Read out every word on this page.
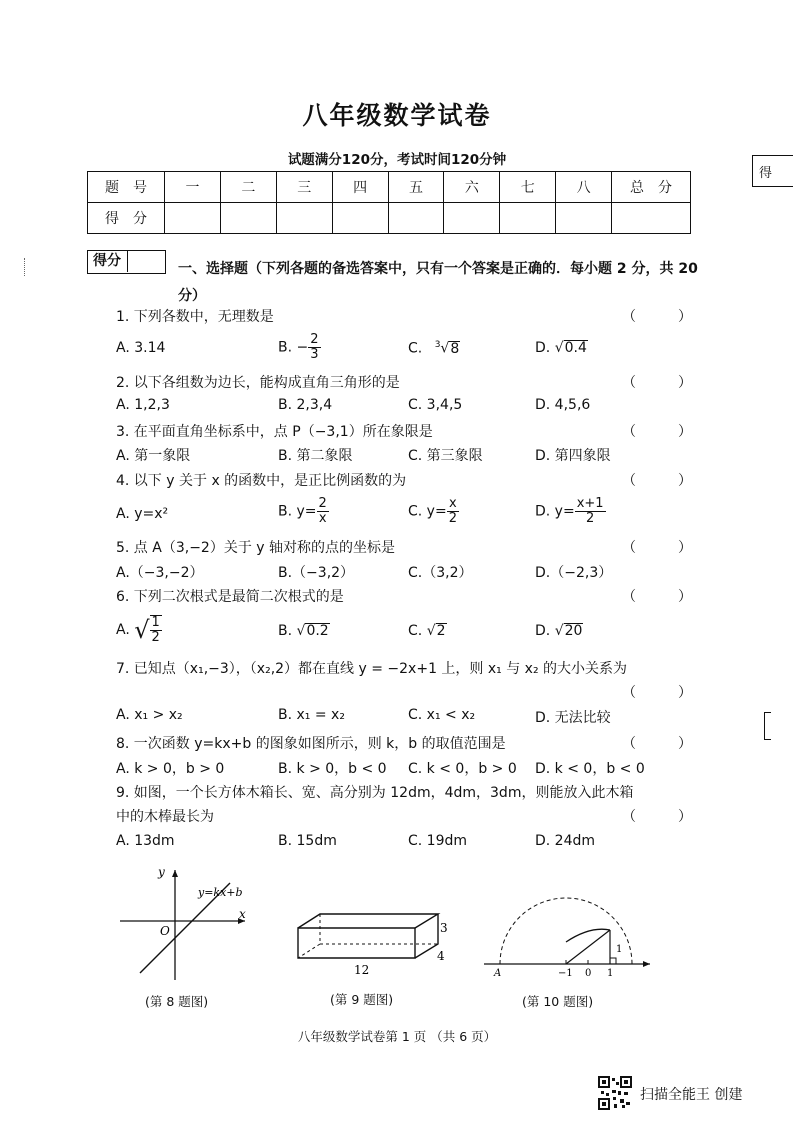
得
八年级数学试卷
试题满分120分，考试时间120分钟
题　号	一	二	三	四	五	六	七	八	总　分
得　分									
得分	一、选择题（下列各题的备选答案中，只有一个答案是正确的．每小题 2 分，共 20 分）
1. 下列各数中，无理数是	（　　　）
A. 3.14	B. − $\frac{2}{3}$	C. $^3$√8	D. √0.4
2. 以下各组数为边长，能构成直角三角形的是	（　　　）
A. 1,2,3	B. 2,3,4	C. 3,4,5	D. 4,5,6
3. 在平面直角坐标系中，点 P（−3,1）所在象限是	（　　　）
A. 第一象限	B. 第二象限	C. 第三象限	D. 第四象限
4. 以下 y 关于 x 的函数中，是正比例函数的为	（　　　）
A. y=x²	B. $y= \frac{2}{x}$	C. $y= \frac{x}{2}$	D. $y= \frac{x+1}{2}$
5. 点 A（3,−2）关于 y 轴对称的点的坐标是	（　　　）
A.（−3,−2）	B.（−3,2）	C.（3,2）	D.（−2,3）
6. 下列二次根式是最简二次根式的是	（　　　）
A. √ $\frac{1}{2}$	B. √0.2	C. √2	D. √20
7. 已知点（x₁,−3），（x₂,2）都在直线 y = −2x+1 上，则 x₁ 与 x₂ 的大小关系为
（　　　）
A. x₁ > x₂	B. x₁ = x₂	C. x₁ < x₂	D. 无法比较
8. 一次函数 y=kx+b 的图象如图所示，则 k，b 的取值范围是	（　　　）
A. k > 0，b > 0	B. k > 0，b < 0 C. k < 0，b > 0 D. k < 0，b < 0
9. 如图，一个长方体木箱长、宽、高分别为 12dm，4dm，3dm，则能放入此木箱
中的木棒最长为	（　　　）
A. 13dm	B. 15dm	C. 19dm	D. 24dm
y
x
O
y=kx+b
(第 8 题图)
3
4
12
(第 9 题图)
A	−1 0 1
1
(第 10 题图)
八年级数学试卷第 1 页 （共 6 页）
扫描全能王 创建
